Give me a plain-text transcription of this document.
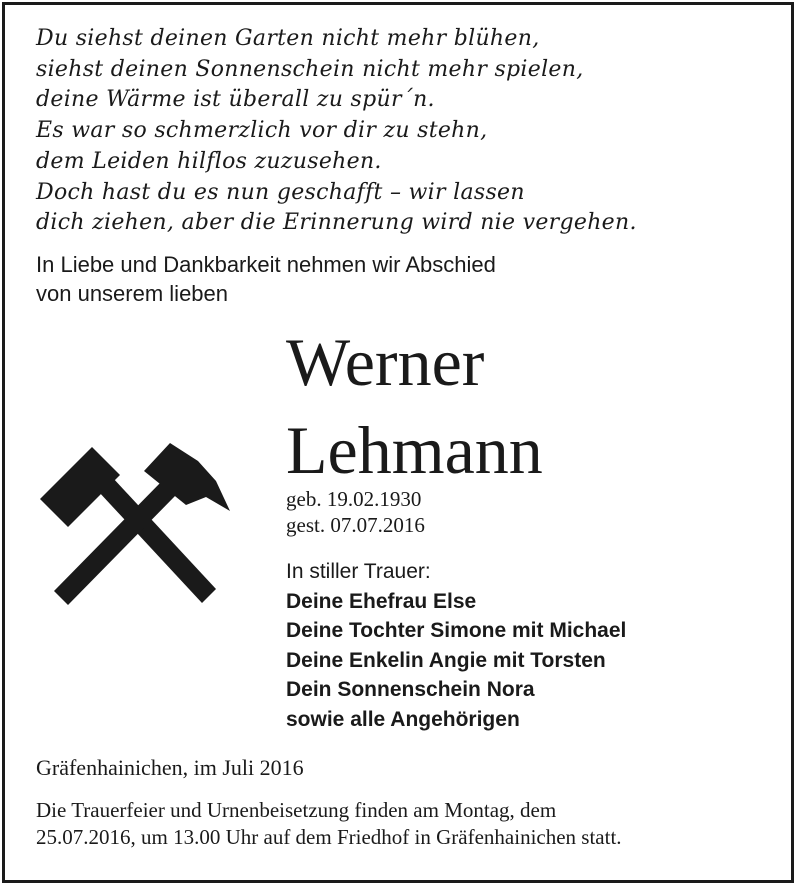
Du siehst deinen Garten nicht mehr blühen,
siehst deinen Sonnenschein nicht mehr spielen,
deine Wärme ist überall zu spür´n.
Es war so schmerzlich vor dir zu stehn,
dem Leiden hilflos zuzusehen.
Doch hast du es nun geschafft – wir lassen
dich ziehen, aber die Erinnerung wird nie vergehen.
In Liebe und Dankbarkeit nehmen wir Abschied
von unserem lieben
Werner
Lehmann
geb. 19.02.1930
gest. 07.07.2016
In stiller Trauer:
Deine Ehefrau Else
Deine Tochter Simone mit Michael
Deine Enkelin Angie mit Torsten
Dein Sonnenschein Nora
sowie alle Angehörigen
Gräfenhainichen, im Juli 2016
Die Trauerfeier und Urnenbeisetzung finden am Montag, dem
25.07.2016, um 13.00 Uhr auf dem Friedhof in Gräfenhainichen statt.
